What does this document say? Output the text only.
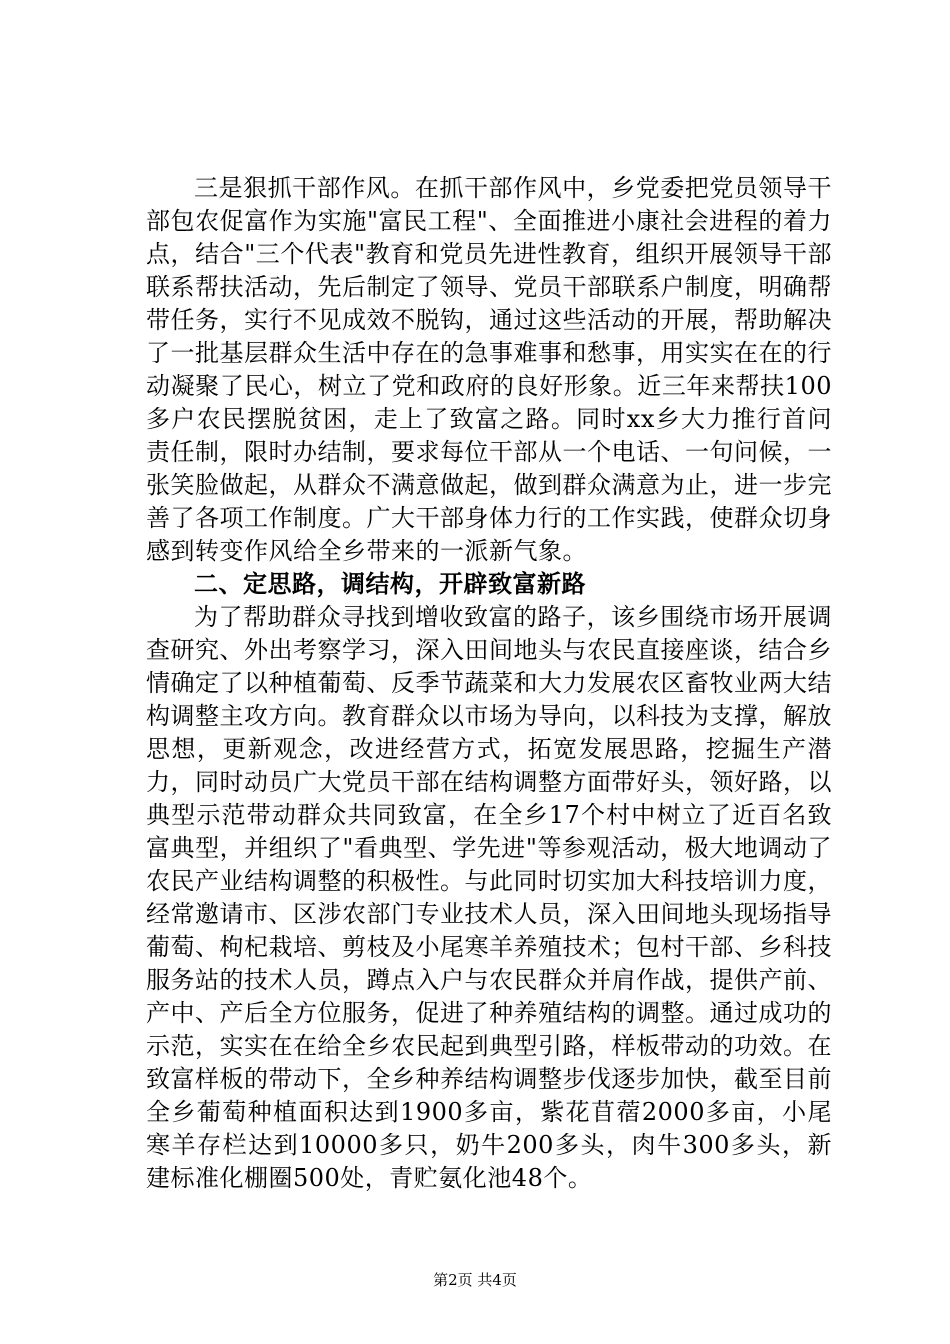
三是狠抓干部作风。在抓干部作风中，乡党委把党员领导干部包农促富作为实施"富民工程"、全面推进小康社会进程的着力点，结合"三个代表"教育和党员先进性教育，组织开展领导干部联系帮扶活动，先后制定了领导、党员干部联系户制度，明确帮带任务，实行不见成效不脱钩，通过这些活动的开展，帮助解决了一批基层群众生活中存在的急事难事和愁事，用实实在在的行动凝聚了民心，树立了党和政府的良好形象。近三年来帮扶100多户农民摆脱贫困，走上了致富之路。同时xx乡大力推行首问责任制，限时办结制，要求每位干部从一个电话、一句问候，一张笑脸做起，从群众不满意做起，做到群众满意为止，进一步完善了各项工作制度。广大干部身体力行的工作实践，使群众切身感到转变作风给全乡带来的一派新气象。

二、定思路，调结构，开辟致富新路

为了帮助群众寻找到增收致富的路子，该乡围绕市场开展调查研究、外出考察学习，深入田间地头与农民直接座谈，结合乡情确定了以种植葡萄、反季节蔬菜和大力发展农区畜牧业两大结构调整主攻方向。教育群众以市场为导向，以科技为支撑，解放思想，更新观念，改进经营方式，拓宽发展思路，挖掘生产潜力，同时动员广大党员干部在结构调整方面带好头，领好路，以典型示范带动群众共同致富，在全乡17个村中树立了近百名致富典型，并组织了"看典型、学先进"等参观活动，极大地调动了农民产业结构调整的积极性。与此同时切实加大科技培训力度，经常邀请市、区涉农部门专业技术人员，深入田间地头现场指导葡萄、枸杞栽培、剪枝及小尾寒羊养殖技术；包村干部、乡科技服务站的技术人员，蹲点入户与农民群众并肩作战，提供产前、产中、产后全方位服务，促进了种养殖结构的调整。通过成功的示范，实实在在给全乡农民起到典型引路，样板带动的功效。在致富样板的带动下，全乡种养结构调整步伐逐步加快，截至目前全乡葡萄种植面积达到1900多亩，紫花苜蓿2000多亩，小尾寒羊存栏达到10000多只，奶牛200多头，肉牛300多头，新建标准化棚圈500处，青贮氨化池48个。

第2页 共4页
